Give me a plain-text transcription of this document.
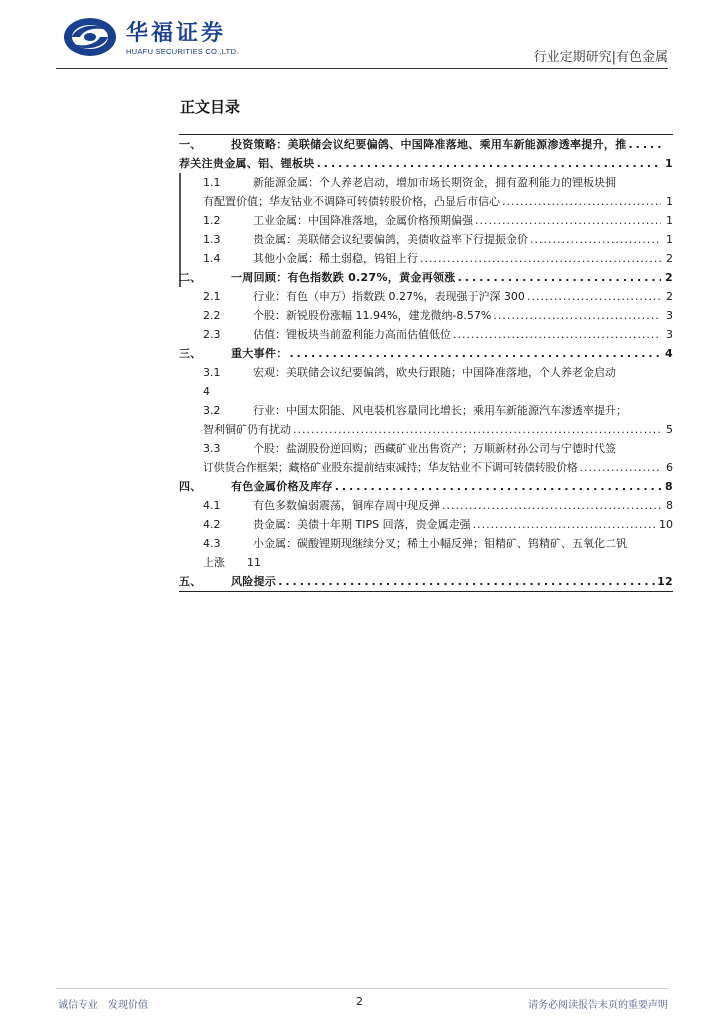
华福证券
HUAFU SECURITIES CO.,LTD.	行业定期研究|有色金属
正文目录
一、	投资策略：美联储会议纪要偏鸽、中国降准落地、乘用车新能源渗透率提升，推
.....
荐关注贵金属、铝、锂板块 .....	1
1.1	新能源金属：个人养老启动，增加市场长期资金，拥有盈利能力的锂板块拥
有配置价值；华友钴业不调降可转债转股价格，凸显后市信心 .....	1
1.2	工业金属：中国降准落地，金属价格预期偏强 .....	1
1.3	贵金属：美联储会议纪要偏鸽，美债收益率下行提振金价 .....	1
1.4	其他小金属：稀土弱稳，钨钼上行 .....	2
二、	一周回顾：有色指数跌 0.27%，黄金再领涨 .....	2
2.1	行业：有色（申万）指数跌 0.27%，表现强于沪深 300 .....	2
2.2	个股：新锐股份涨幅 11.94%，建龙微纳-8.57% .....	3
2.3	估值：锂板块当前盈利能力高而估值低位 .....	3
三、	重大事件： .....	4
3.1	宏观：美联储会议纪要偏鸽，欧央行跟随；中国降准落地，个人养老金启动
4
3.2	行业：中国太阳能、风电装机容量同比增长；乘用车新能源汽车渗透率提升；
智利铜矿仍有扰动 .....	5
3.3	个股：盐湖股份逆回购；西藏矿业出售资产；万顺新材孙公司与宁德时代签
订供货合作框架；藏格矿业股东提前结束减持；华友钴业不下调可转债转股价格 .....	6
四、	有色金属价格及库存 .....	8
4.1	有色多数偏弱震荡，铜库存周中现反弹 .....	8
4.2	贵金属：美债十年期 TIPS 回落，贵金属走强 .....	10
4.3	小金属：碳酸锂期现继续分叉；稀土小幅反弹；钼精矿、钨精矿、五氧化二钒
上涨　　11
五、	风险提示 .....	12
诚信专业　发现价值	2	请务必阅读报告末页的重要声明
